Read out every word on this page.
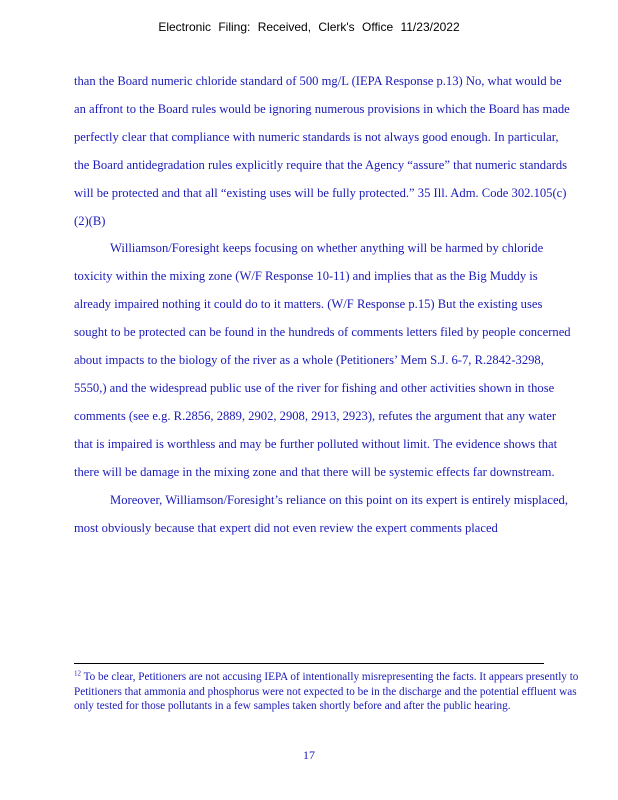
Electronic Filing: Received, Clerk's Office 11/23/2022

than the Board numeric chloride standard of 500 mg/L (IEPA Response p.13) No, what would be an affront to the Board rules would be ignoring numerous provisions in which the Board has made perfectly clear that compliance with numeric standards is not always good enough. In particular, the Board antidegradation rules explicitly require that the Agency “assure” that numeric standards will be protected and that all “existing uses will be fully protected.” 35 Ill. Adm. Code 302.105(c)(2)(B)

Williamson/Foresight keeps focusing on whether anything will be harmed by chloride toxicity within the mixing zone (W/F Response 10-11) and implies that as the Big Muddy is already impaired nothing it could do to it matters. (W/F Response p.15) But the existing uses sought to be protected can be found in the hundreds of comments letters filed by people concerned about impacts to the biology of the river as a whole (Petitioners’ Mem S.J. 6-7, R.2842-3298, 5550,) and the widespread public use of the river for fishing and other activities shown in those comments (see e.g. R.2856, 2889, 2902, 2908, 2913, 2923), refutes the argument that any water that is impaired is worthless and may be further polluted without limit. The evidence shows that there will be damage in the mixing zone and that there will be systemic effects far downstream.

Moreover, Williamson/Foresight’s reliance on this point on its expert is entirely misplaced, most obviously because that expert did not even review the expert comments placed

$^{12}$ To be clear, Petitioners are not accusing IEPA of intentionally misrepresenting the facts. It appears presently to Petitioners that ammonia and phosphorus were not expected to be in the discharge and the potential effluent was only tested for those pollutants in a few samples taken shortly before and after the public hearing.
17
